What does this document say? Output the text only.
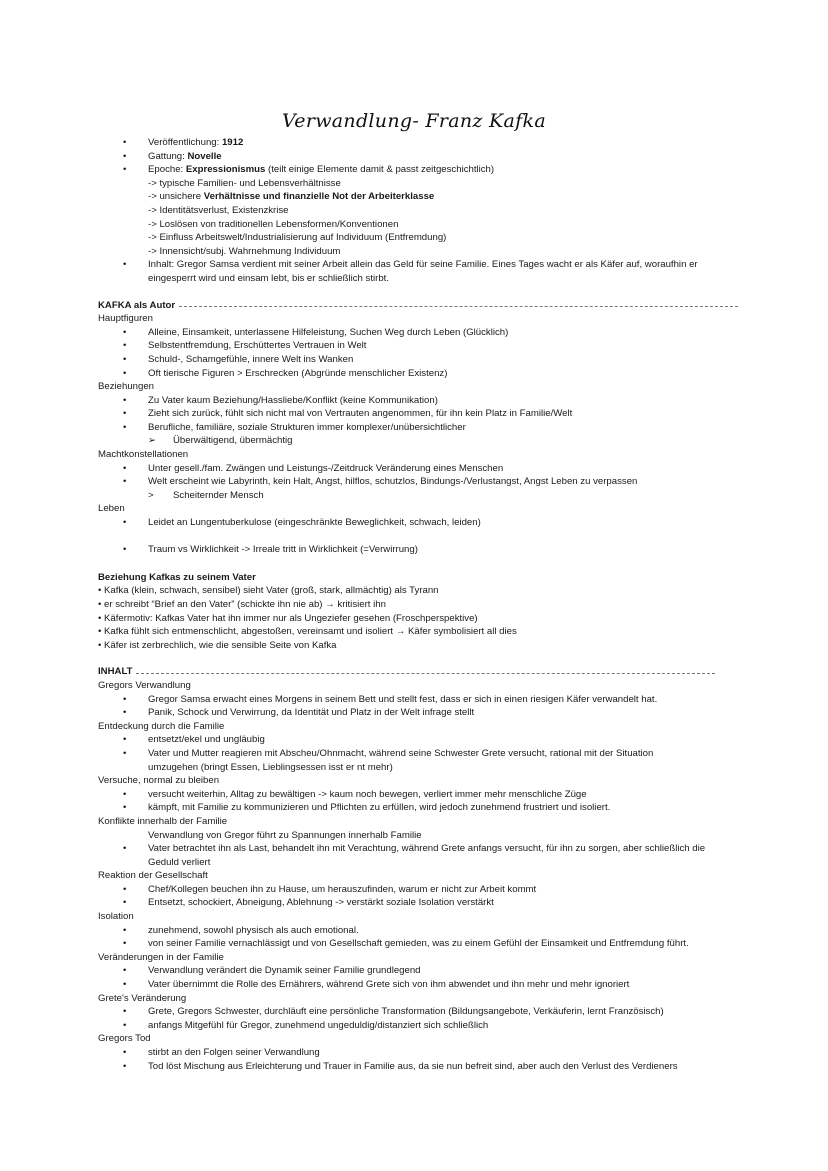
Verwandlung- Franz Kafka
• Veröffentlichung: 1912
• Gattung: Novelle
• Epoche: Expressionismus (teilt einige Elemente damit & passt zeitgeschichtlich)
-> typische Familien- und Lebensverhältnisse
-> unsichere Verhältnisse und finanzielle Not der Arbeiterklasse
-> Identitätsverlust, Existenzkrise
-> Loslösen von traditionellen Lebensformen/Konventionen
-> Einfluss Arbeitswelt/Industrialisierung auf Individuum (Entfremdung)
-> Innensicht/subj. Wahrnehmung Individuum
• Inhalt: Gregor Samsa verdient mit seiner Arbeit allein das Geld für seine Familie. Eines Tages wacht er als Käfer auf, woraufhin er eingesperrt wird und einsam lebt, bis er schließlich stirbt.
KAFKA als Autor
Hauptfiguren
• Alleine, Einsamkeit, unterlassene Hilfeleistung, Suchen Weg durch Leben (Glücklich)
• Selbstentfremdung, Erschüttertes Vertrauen in Welt
• Schuld-, Schamgefühle, innere Welt ins Wanken
• Oft tierische Figuren > Erschrecken (Abgründe menschlicher Existenz)
Beziehungen
• Zu Vater kaum Beziehung/Hassliebe/Konflikt (keine Kommunikation)
• Zieht sich zurück, fühlt sich nicht mal von Vertrauten angenommen, für ihn kein Platz in Familie/Welt
• Berufliche, familiäre, soziale Strukturen immer komplexer/unübersichtlicher
➢ Überwältigend, übermächtig
Machtkonstellationen
• Unter gesell./fam. Zwängen und Leistungs-/Zeitdruck Veränderung eines Menschen
• Welt erscheint wie Labyrinth, kein Halt, Angst, hilflos, schutzlos, Bindungs-/Verlustangst, Angst Leben zu verpassen
> Scheiternder Mensch
Leben
• Leidet an Lungentuberkulose (eingeschränkte Beweglichkeit, schwach, leiden)
• Traum vs Wirklichkeit -> Irreale tritt in Wirklichkeit (=Verwirrung)
Beziehung Kafkas zu seinem Vater
• Kafka (klein, schwach, sensibel) sieht Vater (groß, stark, allmächtig) als Tyrann
• er schreibt “Brief an den Vater” (schickte ihn nie ab) → kritisiert ihn
• Käfermotiv: Kafkas Vater hat ihn immer nur als Ungeziefer gesehen (Froschperspektive)
• Kafka fühlt sich entmenschlicht, abgestoßen, vereinsamt und isoliert → Käfer symbolisiert all dies
• Käfer ist zerbrechlich, wie die sensible Seite von Kafka
INHALT
Gregors Verwandlung
• Gregor Samsa erwacht eines Morgens in seinem Bett und stellt fest, dass er sich in einen riesigen Käfer verwandelt hat.
• Panik, Schock und Verwirrung, da Identität und Platz in der Welt infrage stellt
Entdeckung durch die Familie
• entsetzt/ekel und ungläubig
• Vater und Mutter reagieren mit Abscheu/Ohnmacht, während seine Schwester Grete versucht, rational mit der Situation umzugehen (bringt Essen, Lieblingsessen isst er nt mehr)
Versuche, normal zu bleiben
• versucht weiterhin, Alltag zu bewältigen -> kaum noch bewegen, verliert immer mehr menschliche Züge
• kämpft, mit Familie zu kommunizieren und Pflichten zu erfüllen, wird jedoch zunehmend frustriert und isoliert.
Konflikte innerhalb der Familie
Verwandlung von Gregor führt zu Spannungen innerhalb Familie
• Vater betrachtet ihn als Last, behandelt ihn mit Verachtung, während Grete anfangs versucht, für ihn zu sorgen, aber schließlich die Geduld verliert
Reaktion der Gesellschaft
• Chef/Kollegen beuchen ihn zu Hause, um herauszufinden, warum er nicht zur Arbeit kommt
• Entsetzt, schockiert, Abneigung, Ablehnung -> verstärkt soziale Isolation verstärkt
Isolation
• zunehmend, sowohl physisch als auch emotional.
• von seiner Familie vernachlässigt und von Gesellschaft gemieden, was zu einem Gefühl der Einsamkeit und Entfremdung führt.
Veränderungen in der Familie
• Verwandlung verändert die Dynamik seiner Familie grundlegend
• Vater übernimmt die Rolle des Ernährers, während Grete sich von ihm abwendet und ihn mehr und mehr ignoriert
Grete's Veränderung
• Grete, Gregors Schwester, durchläuft eine persönliche Transformation (Bildungsangebote, Verkäuferin, lernt Französisch)
• anfangs Mitgefühl für Gregor, zunehmend ungeduldig/distanziert sich schließlich
Gregors Tod
• stirbt an den Folgen seiner Verwandlung
• Tod löst Mischung aus Erleichterung und Trauer in Familie aus, da sie nun befreit sind, aber auch den Verlust des Verdieners
